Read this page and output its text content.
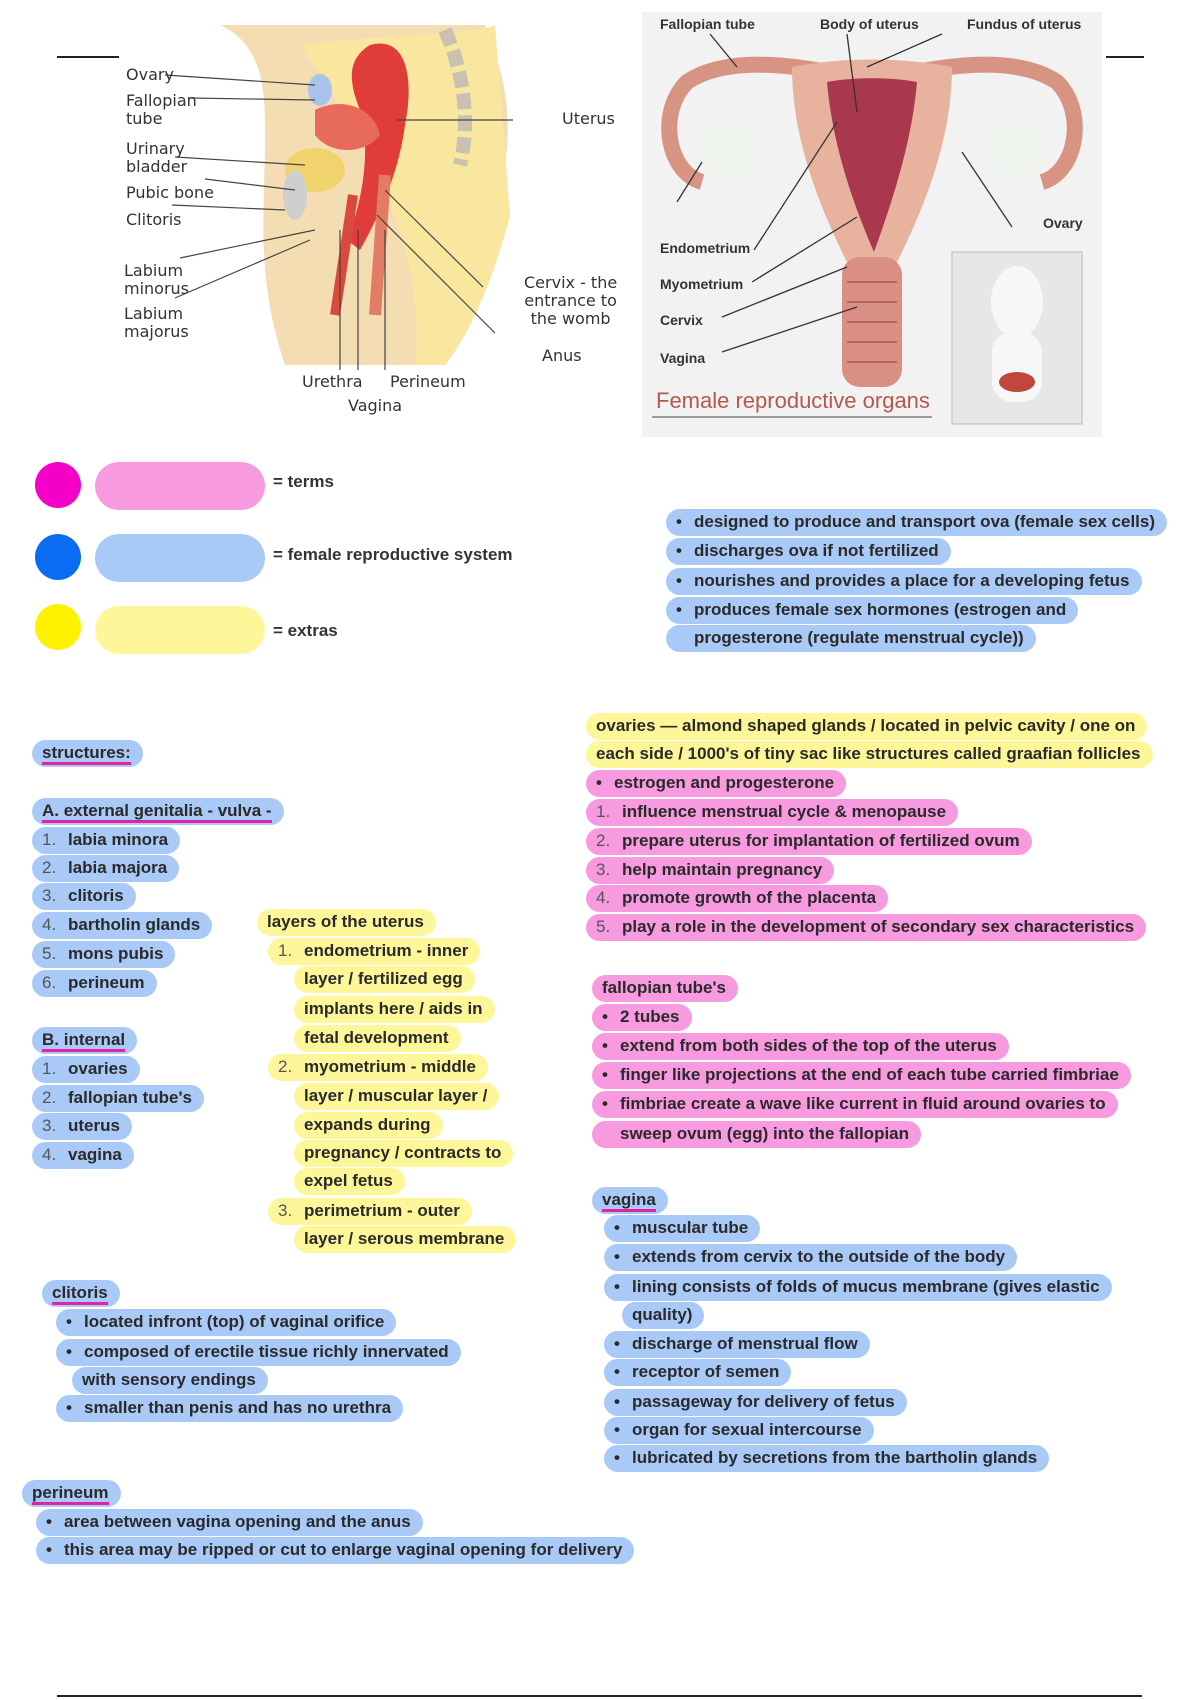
Ovary
Fallopian
tube
Urinary
bladder
Pubic bone
Clitoris
Labium
minorus
Labium
majorus
Uterus
Cervix - the
entrance to
the womb
Anus
Urethra Perineum
Vagina
Fallopian tube	Body of uterus	Fundus of uterus
Ovary
Endometrium
Myometrium
Cervix
Vagina
Female reproductive organs
= terms
= female reproductive system
= extras
• designed to produce and transport ova (female sex cells)
• discharges ova if not fertilized
• nourishes and provides a place for a developing fetus
• produces female sex hormones (estrogen and
progesterone (regulate menstrual cycle))
structures:
A. external genitalia - vulva -
1. labia minora
2. labia majora
3. clitoris
4. bartholin glands
5. mons pubis
6. perineum
B. internal
1. ovaries
2. fallopian tube's
3. uterus
4. vagina
layers of the uterus
1. endometrium - inner
layer / fertilized egg
implants here / aids in
fetal development
2. myometrium - middle
layer / muscular layer /
expands during
pregnancy / contracts to
expel fetus
3. perimetrium - outer
layer / serous membrane
ovaries — almond shaped glands / located in pelvic cavity / one on
each side / 1000's of tiny sac like structures called graafian follicles
• estrogen and progesterone
1. influence menstrual cycle & menopause
2. prepare uterus for implantation of fertilized ovum
3. help maintain pregnancy
4. promote growth of the placenta
5. play a role in the development of secondary sex characteristics
fallopian tube's
• 2 tubes
• extend from both sides of the top of the uterus
• finger like projections at the end of each tube carried fimbriae
• fimbriae create a wave like current in fluid around ovaries to
sweep ovum (egg) into the fallopian
vagina
• muscular tube
• extends from cervix to the outside of the body
• lining consists of folds of mucus membrane (gives elastic
quality)
• discharge of menstrual flow
• receptor of semen
• passageway for delivery of fetus
• organ for sexual intercourse
• lubricated by secretions from the bartholin glands
clitoris
• located infront (top) of vaginal orifice
• composed of erectile tissue richly innervated
with sensory endings
• smaller than penis and has no urethra
perineum
• area between vagina opening and the anus
• this area may be ripped or cut to enlarge vaginal opening for delivery
